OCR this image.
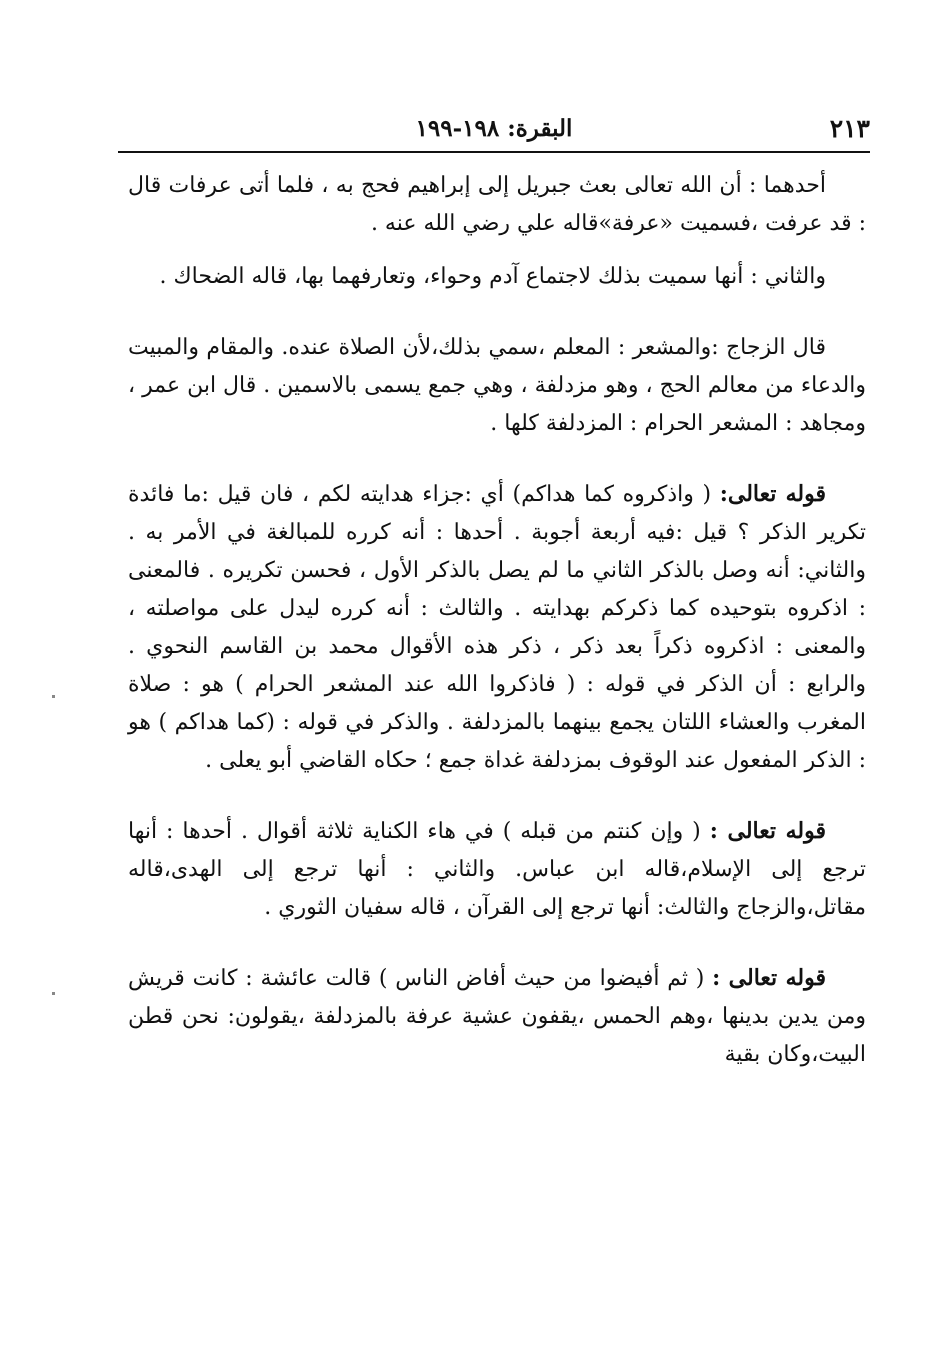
٢١٣
البقرة: ١٩٨-١٩٩

أحدهما : أن الله تعالى بعث جبريل إلى إبراهيم فحج به ، فلما أتى عرفات قال : قد عرفت ،فسميت «عرفة»قاله علي رضي الله عنه .

والثاني : أنها سميت بذلك لاجتماع آدم وحواء، وتعارفهما بها، قاله الضحاك .

قال الزجاج :والمشعر : المعلم ،سمي بذلك،لأن الصلاة عنده. والمقام والمبيت والدعاء من معالم الحج ، وهو مزدلفة ، وهي جمع يسمى بالاسمين . قال ابن عمر ، ومجاهد : المشعر الحرام : المزدلفة كلها .

قوله تعالى: ( واذكروه كما هداكم) أي :جزاء هدايته لكم ، فان قيل :ما فائدة تكرير الذكر ؟ قيل :فيه أربعة أجوبة . أحدها : أنه كرره للمبالغة في الأمر به . والثاني: أنه وصل بالذكر الثاني ما لم يصل بالذكر الأول ، فحسن تكريره . فالمعنى : اذكروه بتوحيده كما ذكركم بهدايته . والثالث : أنه كرره ليدل على مواصلته ، والمعنى : اذكروه ذكراً بعد ذكر ، ذكر هذه الأقوال محمد بن القاسم النحوي . والرابع : أن الذكر في قوله : ( فاذكروا الله عند المشعر الحرام ) هو : صلاة المغرب والعشاء اللتان يجمع بينهما بالمزدلفة . والذكر في قوله : (كما هداكم ) هو : الذكر المفعول عند الوقوف بمزدلفة غداة جمع ؛ حكاه القاضي أبو يعلى .

قوله تعالى : ( وإن كنتم من قبله ) في هاء الكناية ثلاثة أقوال . أحدها : أنها ترجع إلى الإسلام،قاله ابن عباس. والثاني : أنها ترجع إلى الهدى،قاله مقاتل،والزجاج والثالث: أنها ترجع إلى القرآن ، قاله سفيان الثوري .

قوله تعالى : ( ثم أفيضوا من حيث أفاض الناس ) قالت عائشة : كانت قريش ومن يدين بدينها ،وهم الحمس ،يقفون عشية عرفة بالمزدلفة ،يقولون: نحن قطن البيت،وكان بقية
